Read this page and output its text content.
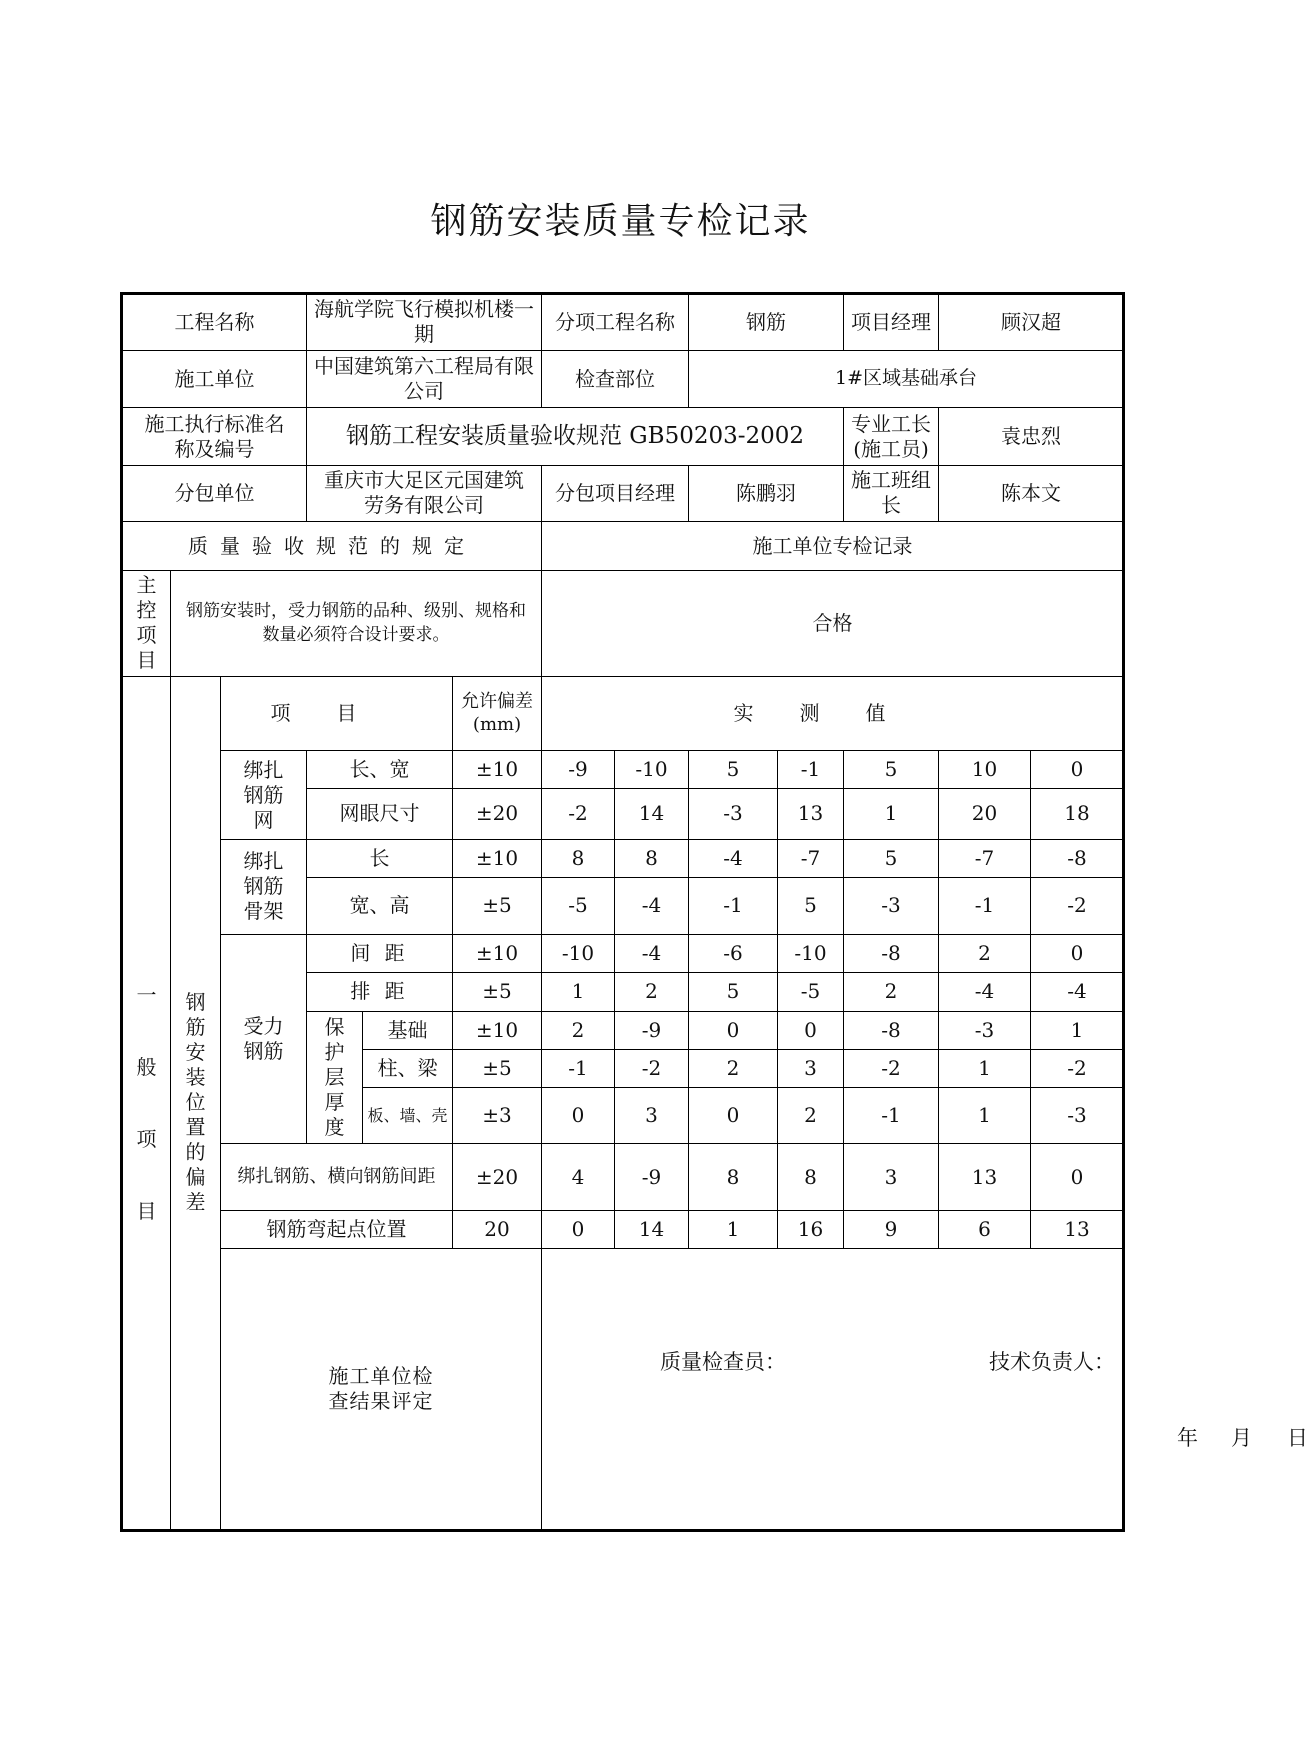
钢筋安装质量专检记录
工程名称			海航学院飞行模拟机楼一期			分项工程名称		钢筋		项目经理	顾汉超	
施工单位			中国建筑第六工程局有限公司			检查部位		1#区域基础承台				
施工执行标准名称及编号			钢筋工程安装质量验收规范 GB50203-2002							专业工长(施工员)	袁忠烈	
分包单位			重庆市大足区元国建筑劳务有限公司			分包项目经理		陈鹏羽		施工班组长	陈本文	
质量验收规范的规定						施工单位专检记录						
主控项目	钢筋安装时，受力钢筋的品种、级别、规格和数量必须符合设计要求。					合格						
一般项目	钢筋安装位置的偏差	项目			允许偏差(mm)	实测值						
		绑扎钢筋网	长、宽		±10	-9	-10	5	-1	5	10	0
			网眼尺寸		±20	-2	14	-3	13	1	20	18
		绑扎钢筋骨架	长		±10	8	8	-4	-7	5	-7	-8
			宽、高		±5	-5	-4	-1	5	-3	-1	-2
		受力钢筋	间 距		±10	-10	-4	-6	-10	-8	2	0
			排 距		±5	1	2	5	-5	2	-4	-4
			保护层厚度	基础	±10	2	-9	0	0	-8	-3	1
				柱、梁	±5	-1	-2	2	3	-2	1	-2
				板、墙、壳	±3	0	3	0	2	-1	1	-3
		绑扎钢筋、横向钢筋间距			±20	4	-9	8	8	3	13	0
		钢筋弯起点位置			20	0	14	1	16	9	6	13
		施工单位检查结果评定				质量检查员： 技术负责人：
年 月 日						
